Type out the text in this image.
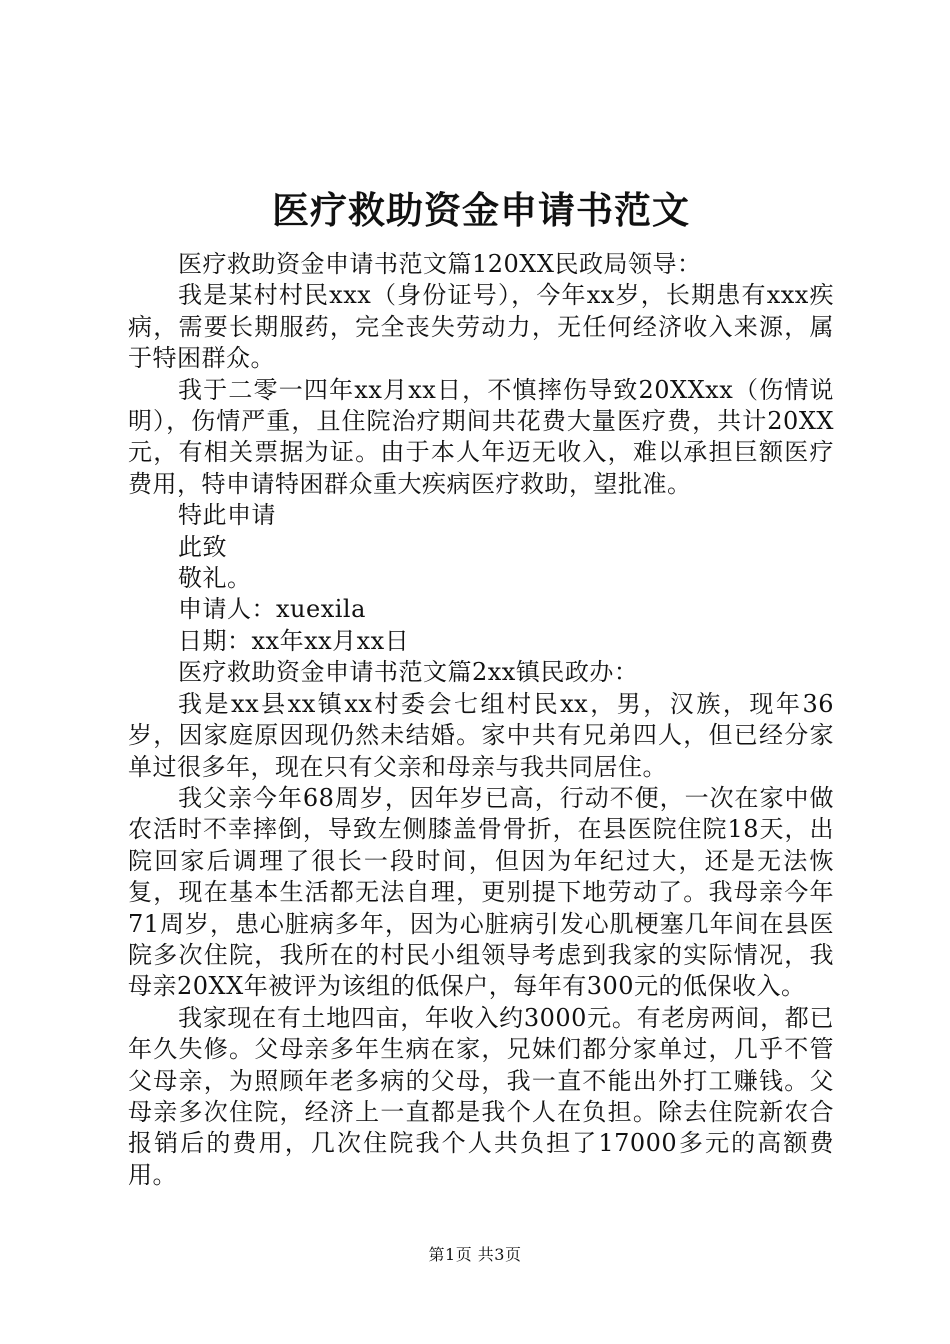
医疗救助资金申请书范文

医疗救助资金申请书范文篇120XX民政局领导：

我是某村村民xxx（身份证号），今年xx岁，长期患有xxx疾病，需要长期服药，完全丧失劳动力，无任何经济收入来源，属于特困群众。

我于二零一四年xx月xx日，不慎摔伤导致20XXxx（伤情说明），伤情严重，且住院治疗期间共花费大量医疗费，共计20XX元，有相关票据为证。由于本人年迈无收入，难以承担巨额医疗费用，特申请特困群众重大疾病医疗救助，望批准。

特此申请

此致

敬礼。

申请人：xuexila

日期：xx年xx月xx日

医疗救助资金申请书范文篇2xx镇民政办：

我是xx县xx镇xx村委会七组村民xx，男，汉族，现年36岁，因家庭原因现仍然未结婚。家中共有兄弟四人，但已经分家单过很多年，现在只有父亲和母亲与我共同居住。

我父亲今年68周岁，因年岁已高，行动不便，一次在家中做农活时不幸摔倒，导致左侧膝盖骨骨折，在县医院住院18天，出院回家后调理了很长一段时间，但因为年纪过大，还是无法恢复，现在基本生活都无法自理，更别提下地劳动了。我母亲今年71周岁，患心脏病多年，因为心脏病引发心肌梗塞几年间在县医院多次住院，我所在的村民小组领导考虑到我家的实际情况，我母亲20XX年被评为该组的低保户，每年有300元的低保收入。

我家现在有土地四亩，年收入约3000元。有老房两间，都已年久失修。父母亲多年生病在家，兄妹们都分家单过，几乎不管父母亲，为照顾年老多病的父母，我一直不能出外打工赚钱。父母亲多次住院，经济上一直都是我个人在负担。除去住院新农合报销后的费用，几次住院我个人共负担了17000多元的高额费用。

第1页 共3页
